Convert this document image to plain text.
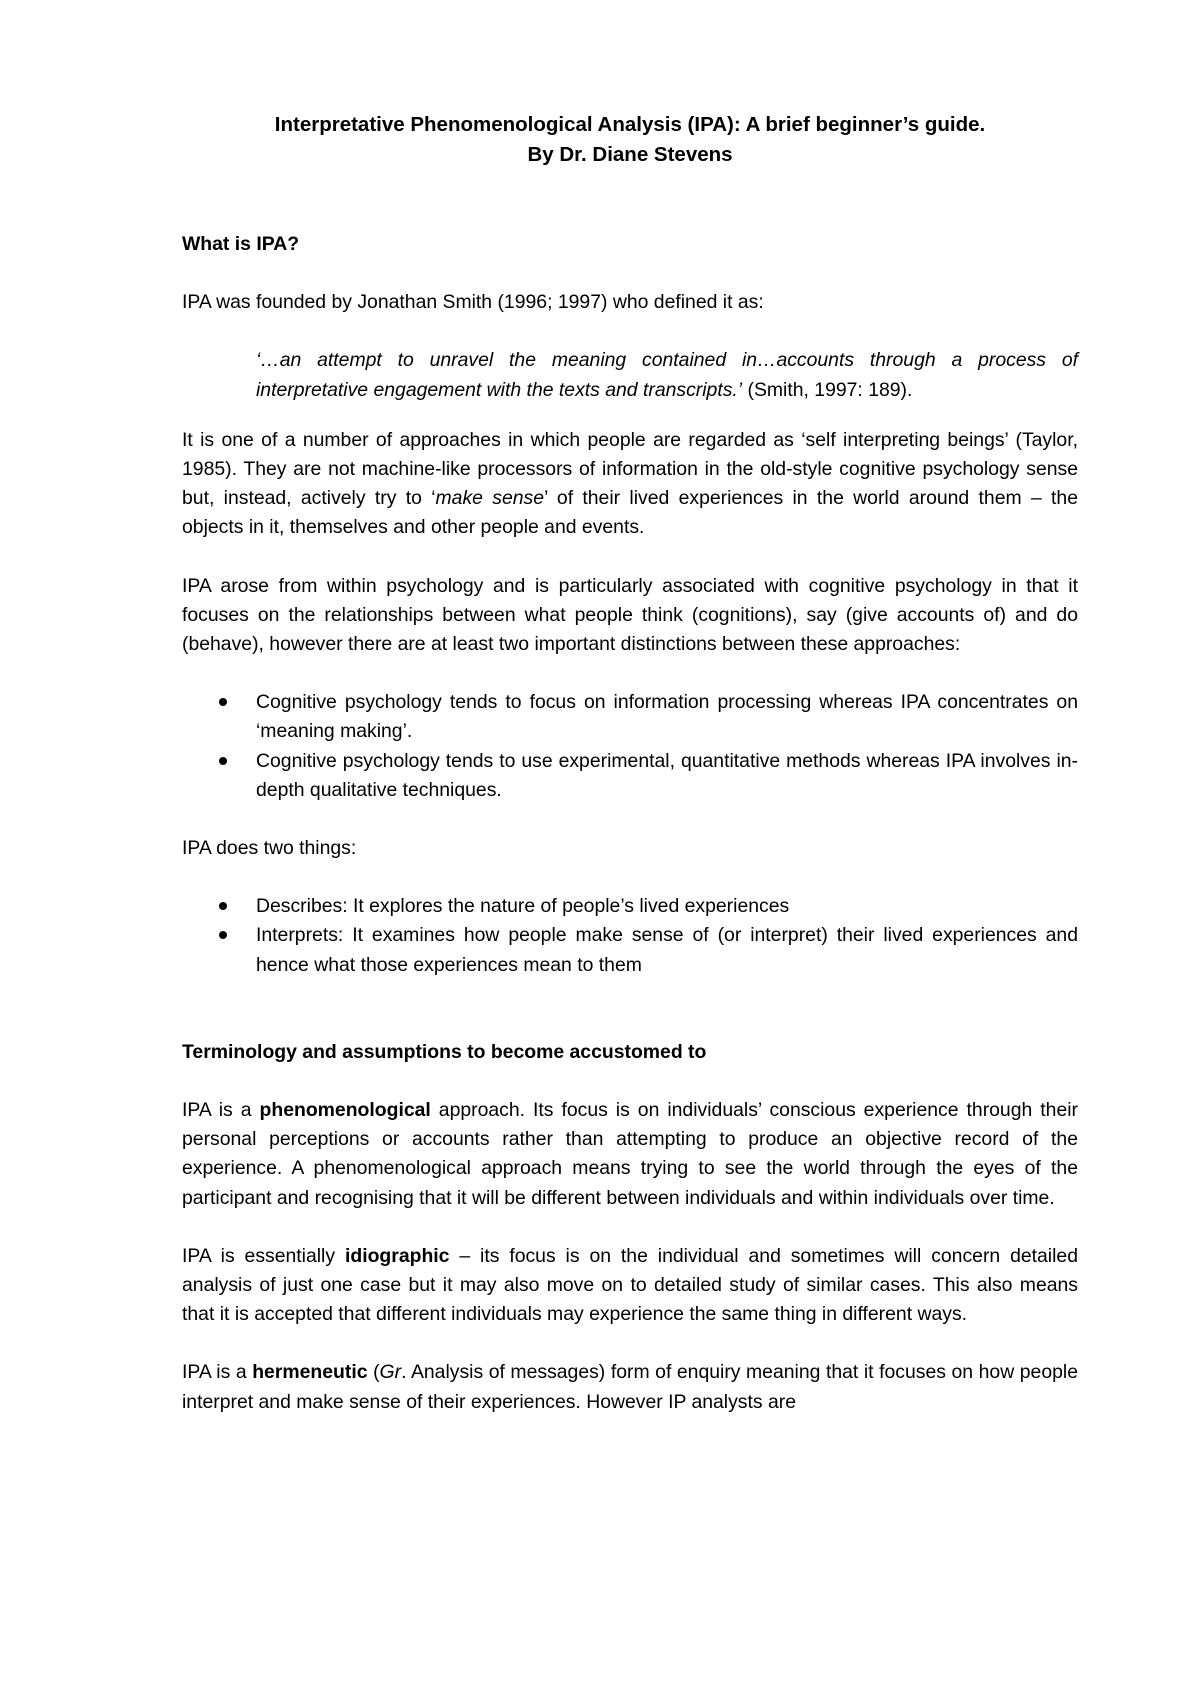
Interpretative Phenomenological Analysis (IPA): A brief beginner’s guide.
By Dr. Diane Stevens
What is IPA?

IPA was founded by Jonathan Smith (1996; 1997) who defined it as:

‘…an attempt to unravel the meaning contained in…accounts through a process of interpretative engagement with the texts and transcripts.’ (Smith, 1997: 189).

It is one of a number of approaches in which people are regarded as ‘self interpreting beings’ (Taylor, 1985). They are not machine-like processors of information in the old-style cognitive psychology sense but, instead, actively try to ‘make sense’ of their lived experiences in the world around them – the objects in it, themselves and other people and events.

IPA arose from within psychology and is particularly associated with cognitive psychology in that it focuses on the relationships between what people think (cognitions), say (give accounts of) and do (behave), however there are at least two important distinctions between these approaches:

Cognitive psychology tends to focus on information processing whereas IPA concentrates on ‘meaning making’.
Cognitive psychology tends to use experimental, quantitative methods whereas IPA involves in-depth qualitative techniques.

IPA does two things:

Describes: It explores the nature of people’s lived experiences
Interprets: It examines how people make sense of (or interpret) their lived experiences and hence what those experiences mean to them
Terminology and assumptions to become accustomed to

IPA is a phenomenological approach. Its focus is on individuals’ conscious experience through their personal perceptions or accounts rather than attempting to produce an objective record of the experience. A phenomenological approach means trying to see the world through the eyes of the participant and recognising that it will be different between individuals and within individuals over time.

IPA is essentially idiographic – its focus is on the individual and sometimes will concern detailed analysis of just one case but it may also move on to detailed study of similar cases. This also means that it is accepted that different individuals may experience the same thing in different ways.

IPA is a hermeneutic (Gr. Analysis of messages) form of enquiry meaning that it focuses on how people interpret and make sense of their experiences. However IP analysts are
